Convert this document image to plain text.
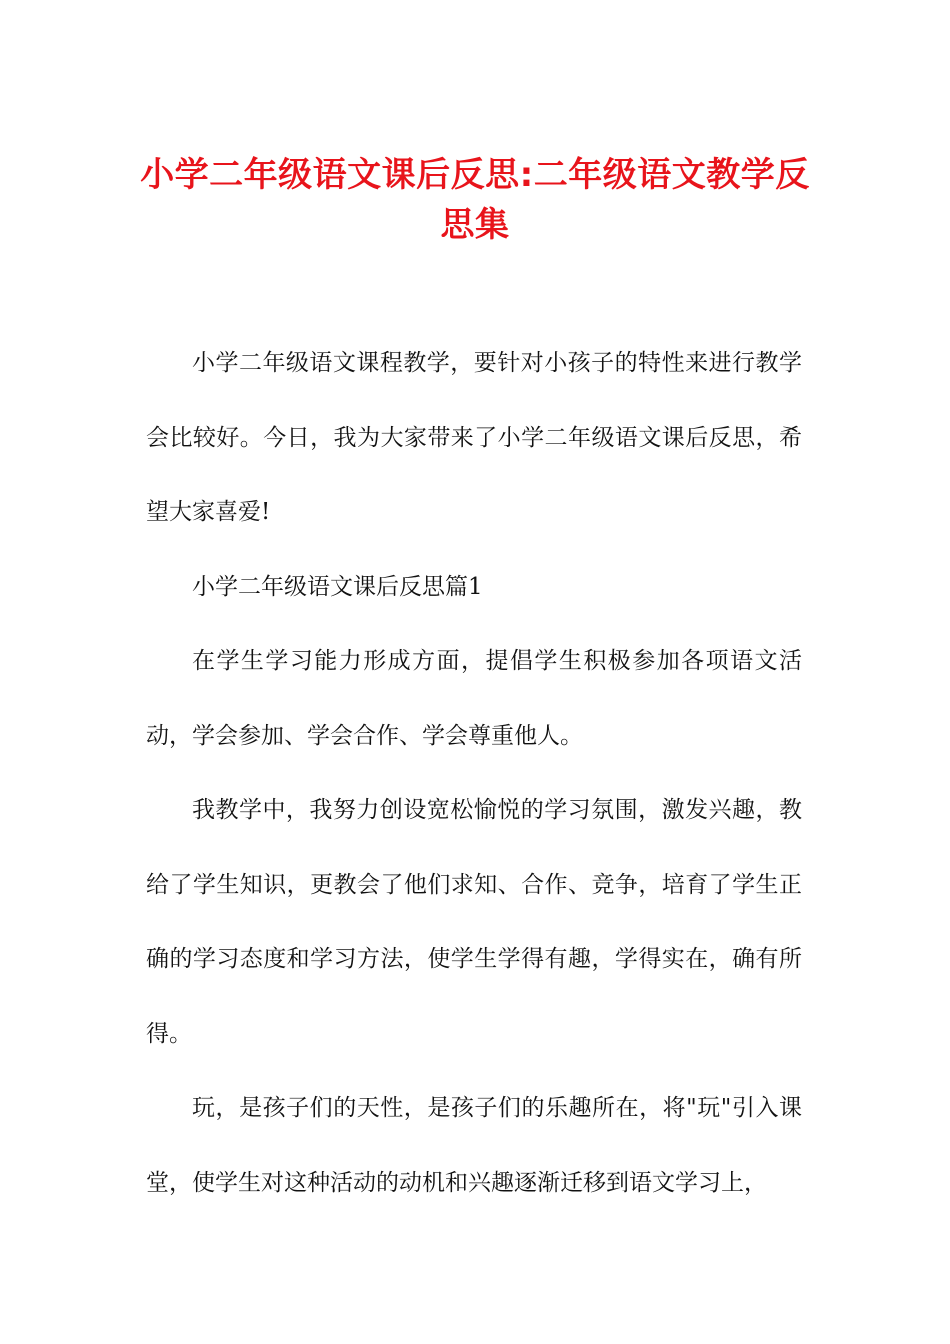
小学二年级语文课后反思:二年级语文教学反思集

小学二年级语文课程教学，要针对小孩子的特性来进行教学会比较好。今日，我为大家带来了小学二年级语文课后反思，希望大家喜爱!

小学二年级语文课后反思篇1

在学生学习能力形成方面，提倡学生积极参加各项语文活动，学会参加、学会合作、学会尊重他人。

我教学中，我努力创设宽松愉悦的学习氛围，激发兴趣，教给了学生知识，更教会了他们求知、合作、竞争，培育了学生正确的学习态度和学习方法，使学生学得有趣，学得实在，确有所得。

玩，是孩子们的天性，是孩子们的乐趣所在，将"玩"引入课堂，使学生对这种活动的动机和兴趣逐渐迁移到语文学习上，
